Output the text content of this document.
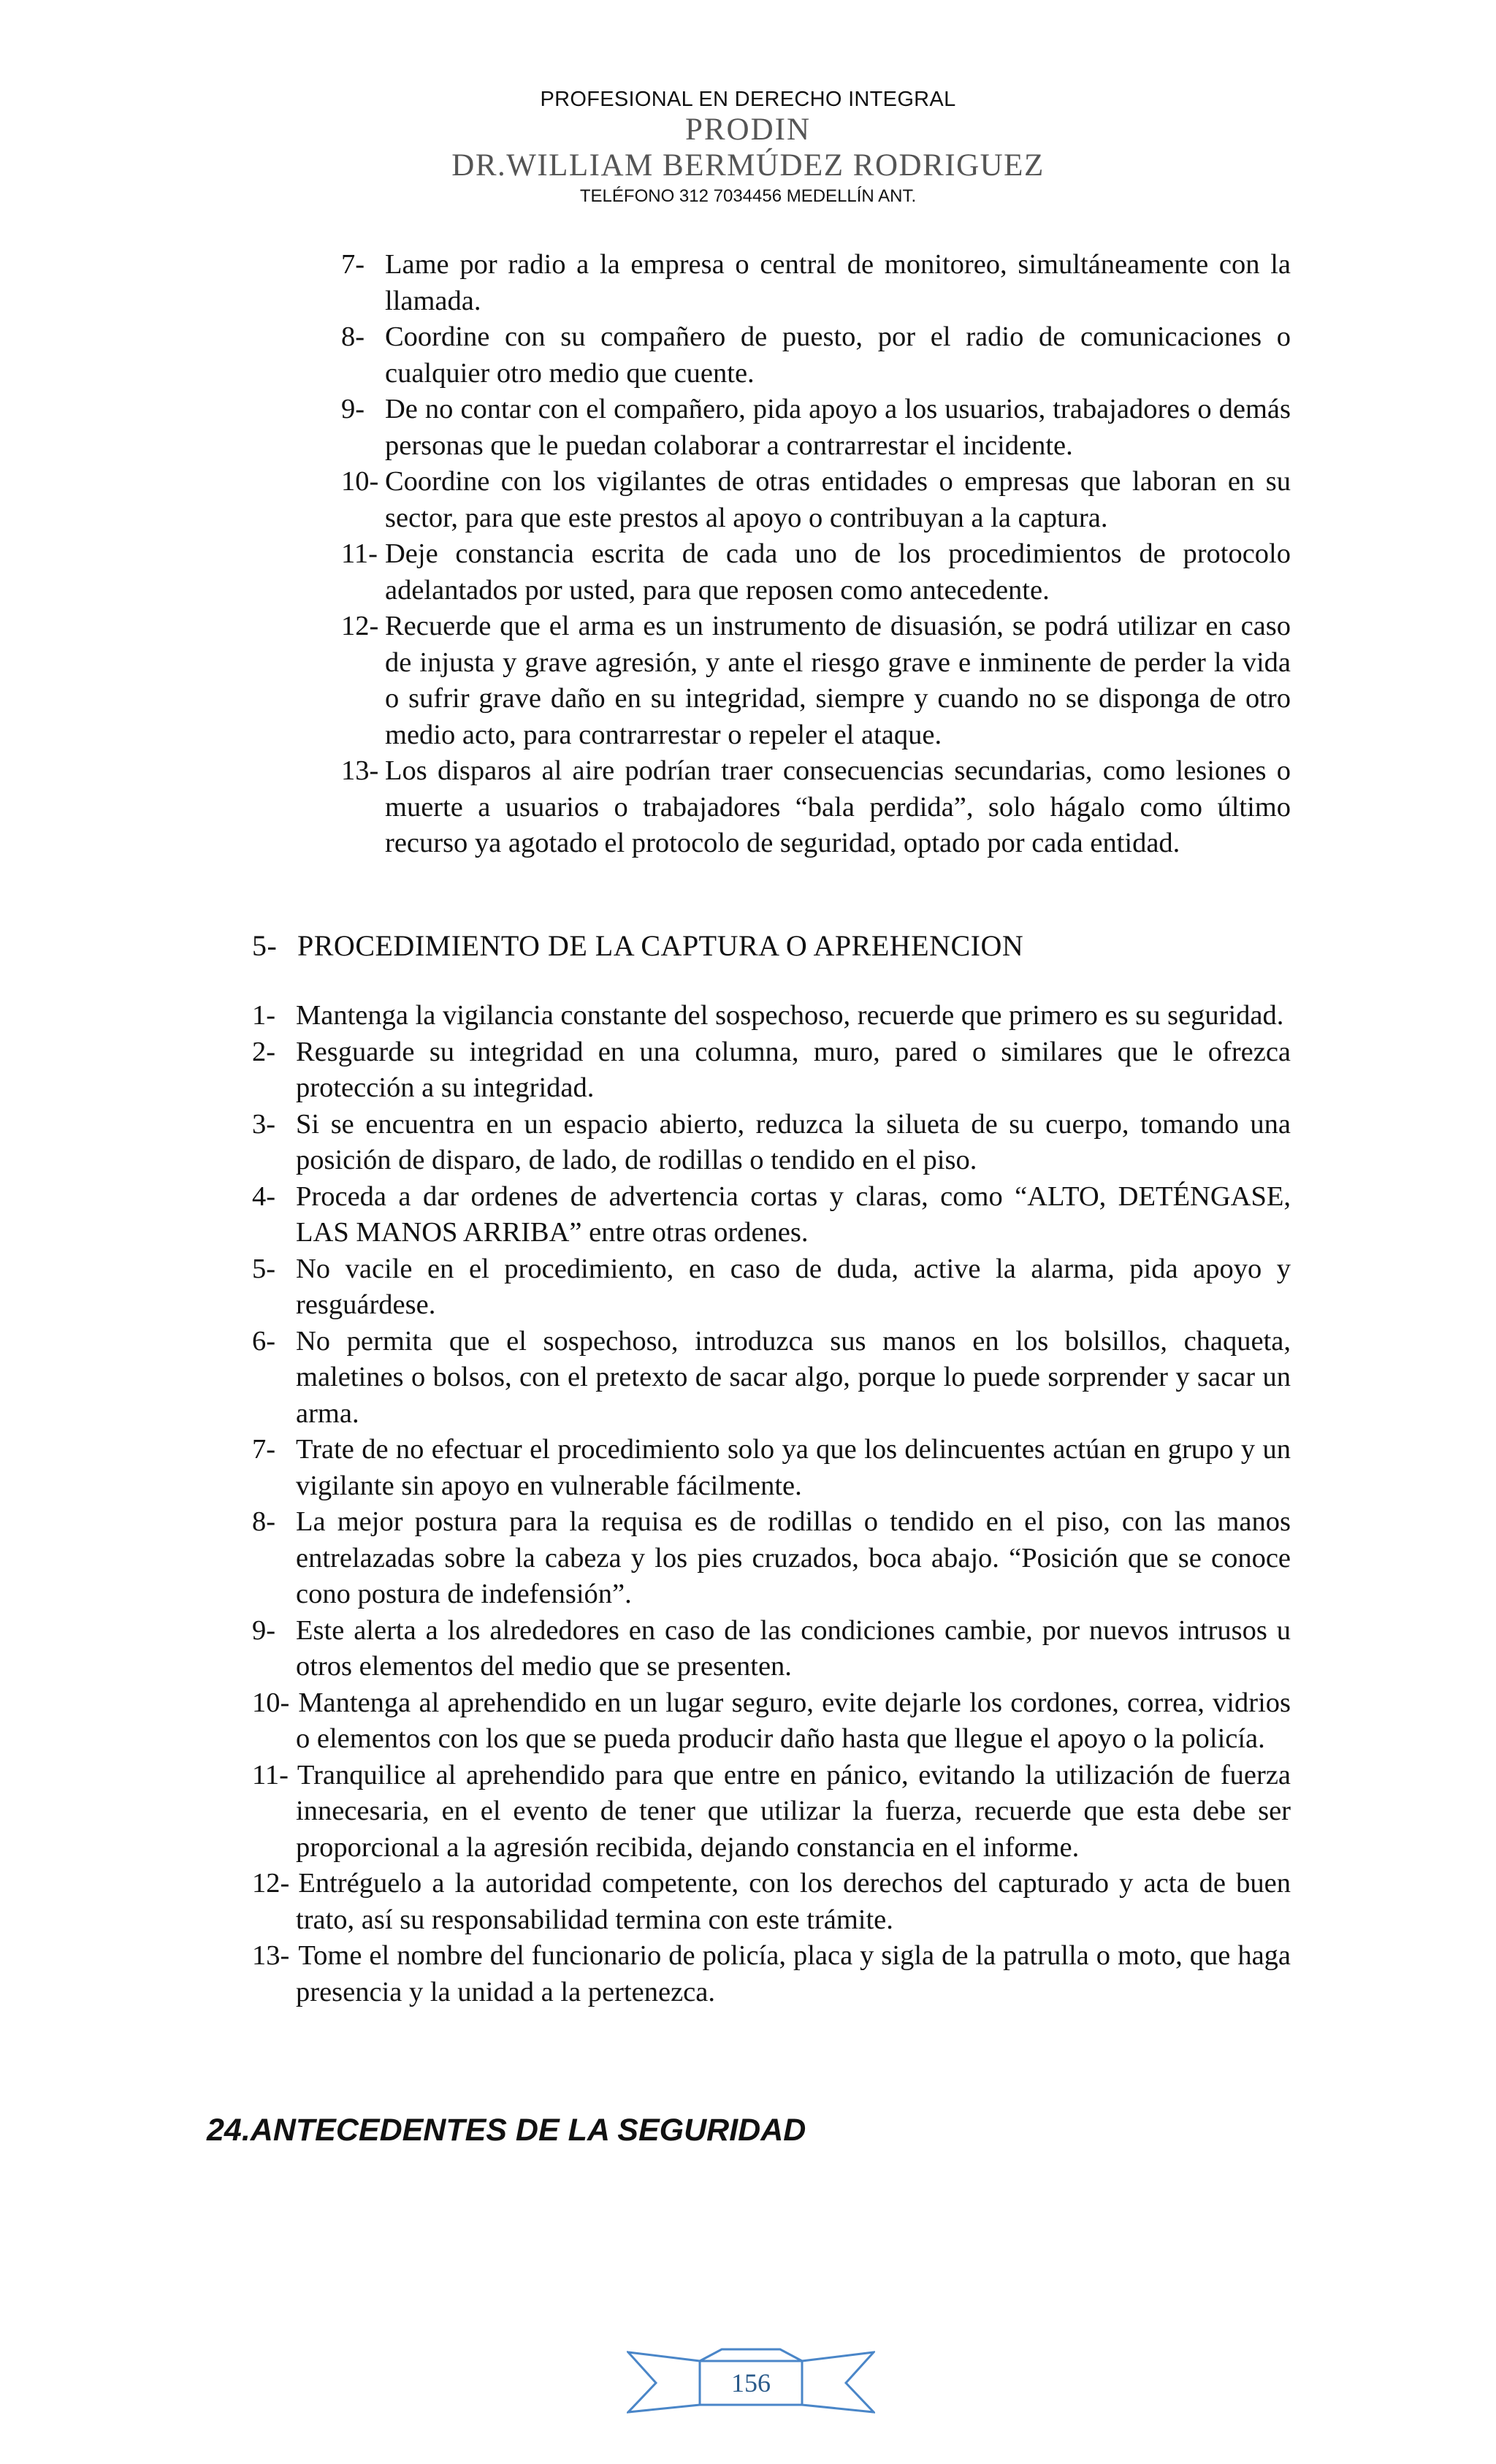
PROFESIONAL EN DERECHO INTEGRAL
PRODIN
DR.WILLIAM BERMÚDEZ RODRIGUEZ
TELÉFONO 312 7034456 MEDELLÍN ANT.
7- Lame por radio a la empresa o central de monitoreo, simultáneamente con la llamada.
8- Coordine con su compañero de puesto, por el radio de comunicaciones o cualquier otro medio que cuente.
9- De no contar con el compañero, pida apoyo a los usuarios, trabajadores o demás personas que le puedan colaborar a contrarrestar el incidente.
10- Coordine con los vigilantes de otras entidades o empresas que laboran en su sector, para que este prestos al apoyo o contribuyan a la captura.
11- Deje constancia escrita de cada uno de los procedimientos de protocolo adelantados por usted, para que reposen como antecedente.
12- Recuerde que el arma es un instrumento de disuasión, se podrá utilizar en caso de injusta y grave agresión, y ante el riesgo grave e inminente de perder la vida o sufrir grave daño en su integridad, siempre y cuando no se disponga de otro medio acto, para contrarrestar o repeler el ataque.
13- Los disparos al aire podrían traer consecuencias secundarias, como lesiones o muerte a usuarios o trabajadores “bala perdida”, solo hágalo como último recurso ya agotado el protocolo de seguridad, optado por cada entidad.
5- PROCEDIMIENTO DE LA CAPTURA O APREHENCION
1- Mantenga la vigilancia constante del sospechoso, recuerde que primero es su seguridad.
2- Resguarde su integridad en una columna, muro, pared o similares que le ofrezca protección a su integridad.
3- Si se encuentra en un espacio abierto, reduzca la silueta de su cuerpo, tomando una posición de disparo, de lado, de rodillas o tendido en el piso.
4- Proceda a dar ordenes de advertencia cortas y claras, como “ALTO, DETÉNGASE, LAS MANOS ARRIBA” entre otras ordenes.
5- No vacile en el procedimiento, en caso de duda, active la alarma, pida apoyo y resguárdese.
6- No permita que el sospechoso, introduzca sus manos en los bolsillos, chaqueta, maletines o bolsos, con el pretexto de sacar algo, porque lo puede sorprender y sacar un arma.
7- Trate de no efectuar el procedimiento solo ya que los delincuentes actúan en grupo y un vigilante sin apoyo en vulnerable fácilmente.
8- La mejor postura para la requisa es de rodillas o tendido en el piso, con las manos entrelazadas sobre la cabeza y los pies cruzados, boca abajo. “Posición que se conoce cono postura de indefensión”.
9- Este alerta a los alrededores en caso de las condiciones cambie, por nuevos intrusos u otros elementos del medio que se presenten.
10- Mantenga al aprehendido en un lugar seguro, evite dejarle los cordones, correa, vidrios o elementos con los que se pueda producir daño hasta que llegue el apoyo o la policía.
11- Tranquilice al aprehendido para que entre en pánico, evitando la utilización de fuerza innecesaria, en el evento de tener que utilizar la fuerza, recuerde que esta debe ser proporcional a la agresión recibida, dejando constancia en el informe.
12- Entréguelo a la autoridad competente, con los derechos del capturado y acta de buen trato, así su responsabilidad termina con este trámite.
13- Tome el nombre del funcionario de policía, placa y sigla de la patrulla o moto, que haga presencia y la unidad a la pertenezca.
24.ANTECEDENTES DE LA SEGURIDAD
156
